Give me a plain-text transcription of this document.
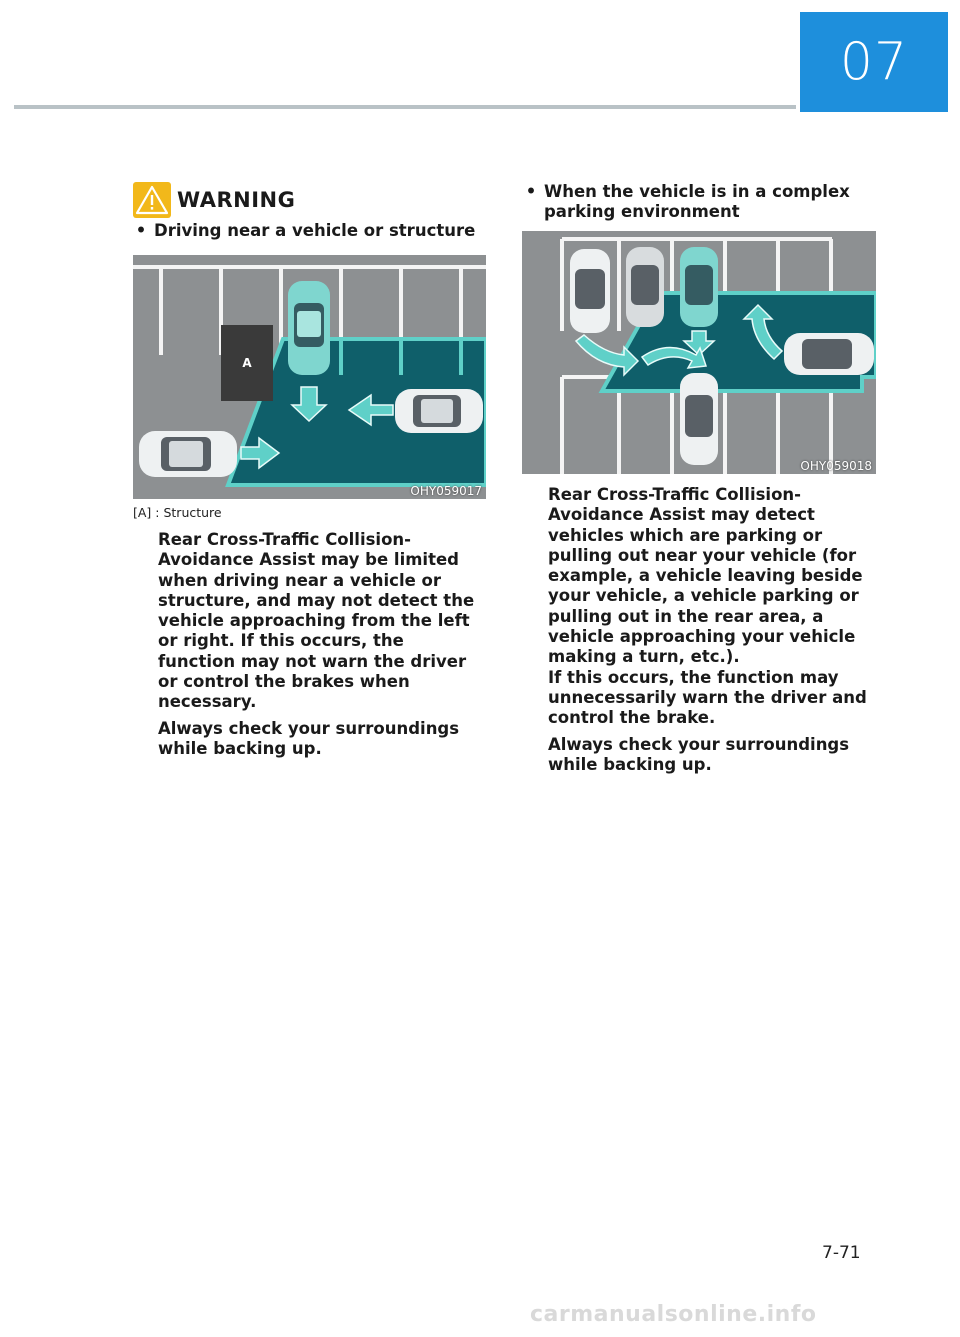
07
WARNING
• Driving near a vehicle or structure
A
OHY059017
[A] : Structure
Rear Cross-Traffic Collision-Avoidance Assist may be limited when driving near a vehicle or structure, and may not detect the vehicle approaching from the left or right. If this occurs, the function may not warn the driver or control the brakes when necessary.
Always check your surroundings while backing up.
• When the vehicle is in a complex parking environment
OHY059018
Rear Cross-Traffic Collision-Avoidance Assist may detect vehicles which are parking or pulling out near your vehicle (for example, a vehicle leaving beside your vehicle, a vehicle parking or pulling out in the rear area, a vehicle approaching your vehicle making a turn, etc.).
If this occurs, the function may unnecessarily warn the driver and control the brake.
Always check your surroundings while backing up.
7-71
carmanualsonline.info
